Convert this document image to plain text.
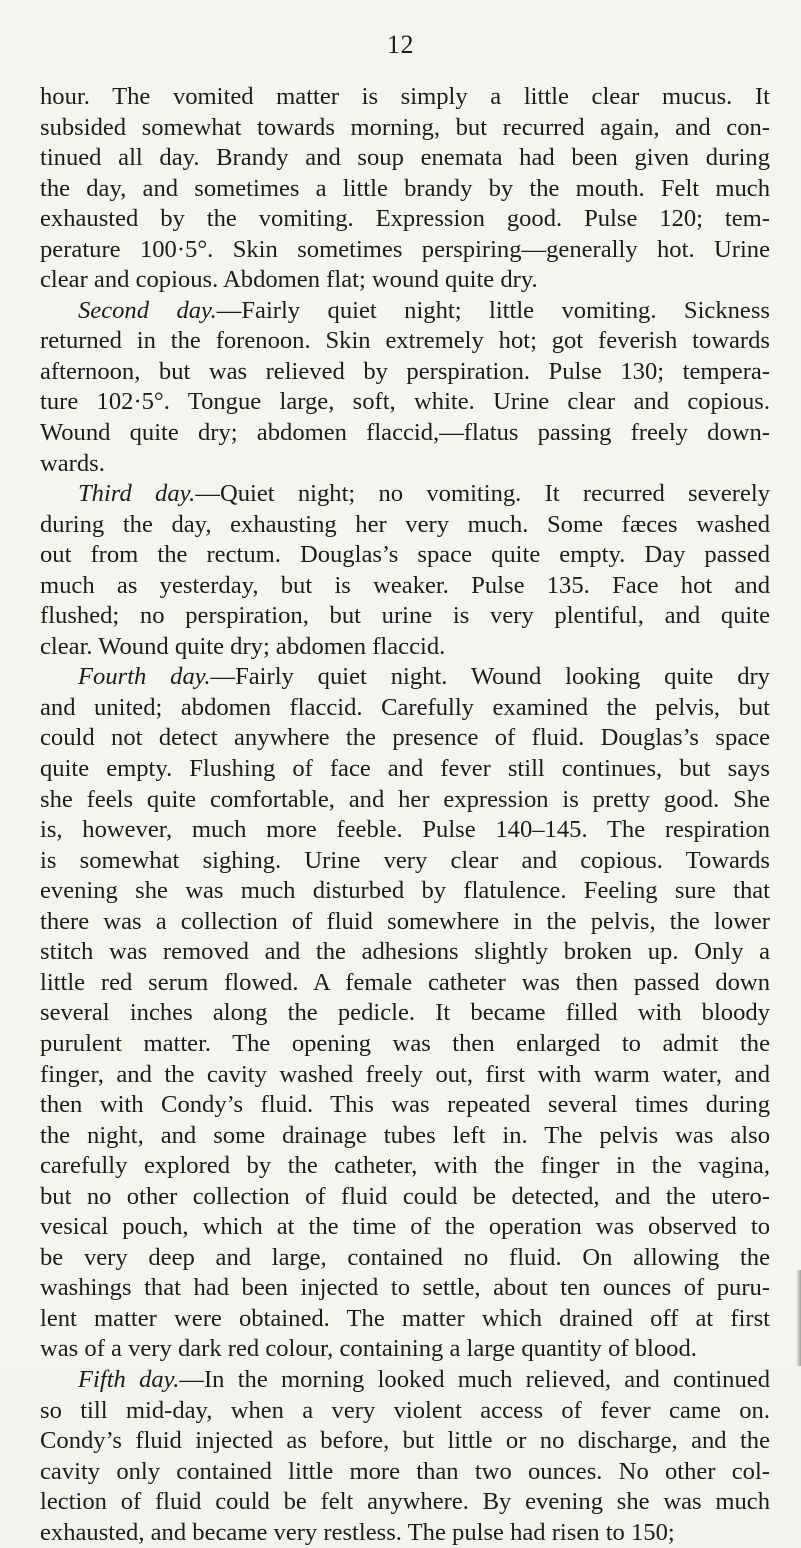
12
hour. The vomited matter is simply a little clear mucus. It
subsided somewhat towards morning, but recurred again, and con-
tinued all day. Brandy and soup enemata had been given during
the day, and sometimes a little brandy by the mouth. Felt much
exhausted by the vomiting. Expression good. Pulse 120; tem-
perature 100·5°. Skin sometimes perspiring—generally hot. Urine
clear and copious. Abdomen flat; wound quite dry.
Second day.—Fairly quiet night; little vomiting. Sickness
returned in the forenoon. Skin extremely hot; got feverish towards
afternoon, but was relieved by perspiration. Pulse 130; tempera-
ture 102·5°. Tongue large, soft, white. Urine clear and copious.
Wound quite dry; abdomen flaccid,—flatus passing freely down-
wards.
Third day.—Quiet night; no vomiting. It recurred severely
during the day, exhausting her very much. Some fæces washed
out from the rectum. Douglas’s space quite empty. Day passed
much as yesterday, but is weaker. Pulse 135. Face hot and
flushed; no perspiration, but urine is very plentiful, and quite
clear. Wound quite dry; abdomen flaccid.
Fourth day.—Fairly quiet night. Wound looking quite dry
and united; abdomen flaccid. Carefully examined the pelvis, but
could not detect anywhere the presence of fluid. Douglas’s space
quite empty. Flushing of face and fever still continues, but says
she feels quite comfortable, and her expression is pretty good. She
is, however, much more feeble. Pulse 140–145. The respiration
is somewhat sighing. Urine very clear and copious. Towards
evening she was much disturbed by flatulence. Feeling sure that
there was a collection of fluid somewhere in the pelvis, the lower
stitch was removed and the adhesions slightly broken up. Only a
little red serum flowed. A female catheter was then passed down
several inches along the pedicle. It became filled with bloody
purulent matter. The opening was then enlarged to admit the
finger, and the cavity washed freely out, first with warm water, and
then with Condy’s fluid. This was repeated several times during
the night, and some drainage tubes left in. The pelvis was also
carefully explored by the catheter, with the finger in the vagina,
but no other collection of fluid could be detected, and the utero-
vesical pouch, which at the time of the operation was observed to
be very deep and large, contained no fluid. On allowing the
washings that had been injected to settle, about ten ounces of puru-
lent matter were obtained. The matter which drained off at first
was of a very dark red colour, containing a large quantity of blood.
Fifth day.—In the morning looked much relieved, and continued
so till mid-day, when a very violent access of fever came on.
Condy’s fluid injected as before, but little or no discharge, and the
cavity only contained little more than two ounces. No other col-
lection of fluid could be felt anywhere. By evening she was much
exhausted, and became very restless. The pulse had risen to 150;
